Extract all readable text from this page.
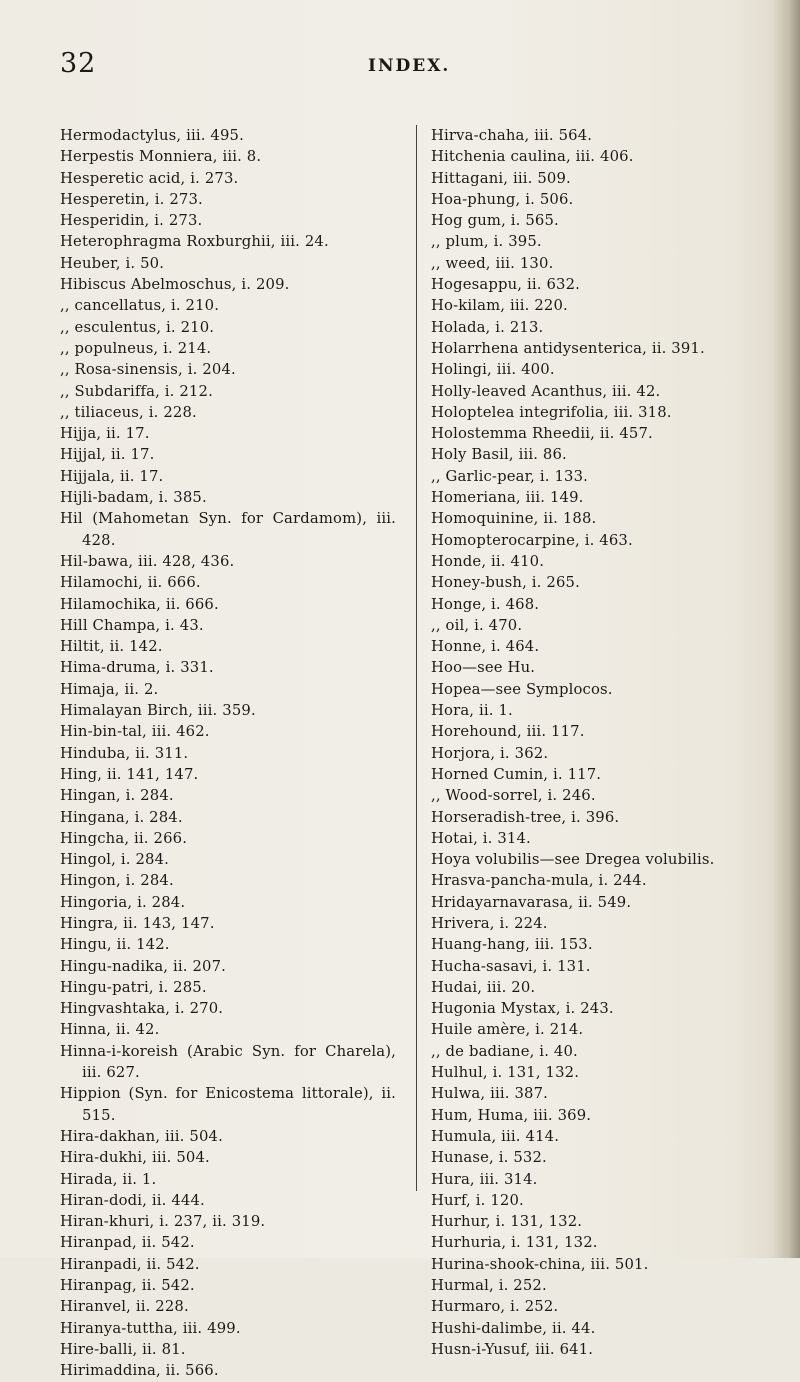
32	INDEX.
Hermodactylus, iii. 495.
Herpestis Monniera, iii. 8.
Hesperetic acid, i. 273.
Hesperetin, i. 273.
Hesperidin, i. 273.
Heterophragma Roxburghii, iii. 24.
Heuber, i. 50.
Hibiscus Abelmoschus, i. 209.
,, cancellatus, i. 210.
,, esculentus, i. 210.
,, populneus, i. 214.
,, Rosa-sinensis, i. 204.
,, Subdariffa, i. 212.
,, tiliaceus, i. 228.
Hijja, ii. 17.
Hijjal, ii. 17.
Hijjala, ii. 17.
Hijli-badam, i. 385.
Hil (Mahometan Syn. for Cardamom), iii. 428.
Hil-bawa, iii. 428, 436.
Hilamochi, ii. 666.
Hilamochika, ii. 666.
Hill Champa, i. 43.
Hiltit, ii. 142.
Hima-druma, i. 331.
Himaja, ii. 2.
Himalayan Birch, iii. 359.
Hin-bin-tal, iii. 462.
Hinduba, ii. 311.
Hing, ii. 141, 147.
Hingan, i. 284.
Hingana, i. 284.
Hingcha, ii. 266.
Hingol, i. 284.
Hingon, i. 284.
Hingoria, i. 284.
Hingra, ii. 143, 147.
Hingu, ii. 142.
Hingu-nadika, ii. 207.
Hingu-patri, i. 285.
Hingvashtaka, i. 270.
Hinna, ii. 42.
Hinna-i-koreish (Arabic Syn. for Charela), iii. 627.
Hippion (Syn. for Enicostema littorale), ii. 515.
Hira-dakhan, iii. 504.
Hira-dukhi, iii. 504.
Hirada, ii. 1.
Hiran-dodi, ii. 444.
Hiran-khuri, i. 237, ii. 319.
Hiranpad, ii. 542.
Hiranpadi, ii. 542.
Hiranpag, ii. 542.
Hiranvel, ii. 228.
Hiranya-tuttha, iii. 499.
Hire-balli, ii. 81.
Hirimaddina, ii. 566.
Hirva-chaha, iii. 564.
Hitchenia caulina, iii. 406.
Hittagani, iii. 509.
Hoa-phung, i. 506.
Hog gum, i. 565.
,, plum, i. 395.
,, weed, iii. 130.
Hogesappu, ii. 632.
Ho-kilam, iii. 220.
Holada, i. 213.
Holarrhena antidysenterica, ii. 391.
Holingi, iii. 400.
Holly-leaved Acanthus, iii. 42.
Holoptelea integrifolia, iii. 318.
Holostemma Rheedii, ii. 457.
Holy Basil, iii. 86.
,, Garlic-pear, i. 133.
Homeriana, iii. 149.
Homoquinine, ii. 188.
Homopterocarpine, i. 463.
Honde, ii. 410.
Honey-bush, i. 265.
Honge, i. 468.
,, oil, i. 470.
Honne, i. 464.
Hoo—see Hu.
Hopea—see Symplocos.
Hora, ii. 1.
Horehound, iii. 117.
Horjora, i. 362.
Horned Cumin, i. 117.
,, Wood-sorrel, i. 246.
Horseradish-tree, i. 396.
Hotai, i. 314.
Hoya volubilis—see Dregea volubilis.
Hrasva-pancha-mula, i. 244.
Hridayarnavarasa, ii. 549.
Hrivera, i. 224.
Huang-hang, iii. 153.
Hucha-sasavi, i. 131.
Hudai, iii. 20.
Hugonia Mystax, i. 243.
Huile amère, i. 214.
,, de badiane, i. 40.
Hulhul, i. 131, 132.
Hulwa, iii. 387.
Hum, Huma, iii. 369.
Humula, iii. 414.
Hunase, i. 532.
Hura, iii. 314.
Hurf, i. 120.
Hurhur, i. 131, 132.
Hurhuria, i. 131, 132.
Hurina-shook-china, iii. 501.
Hurmal, i. 252.
Hurmaro, i. 252.
Hushi-dalimbe, ii. 44.
Husn-i-Yusuf, iii. 641.
